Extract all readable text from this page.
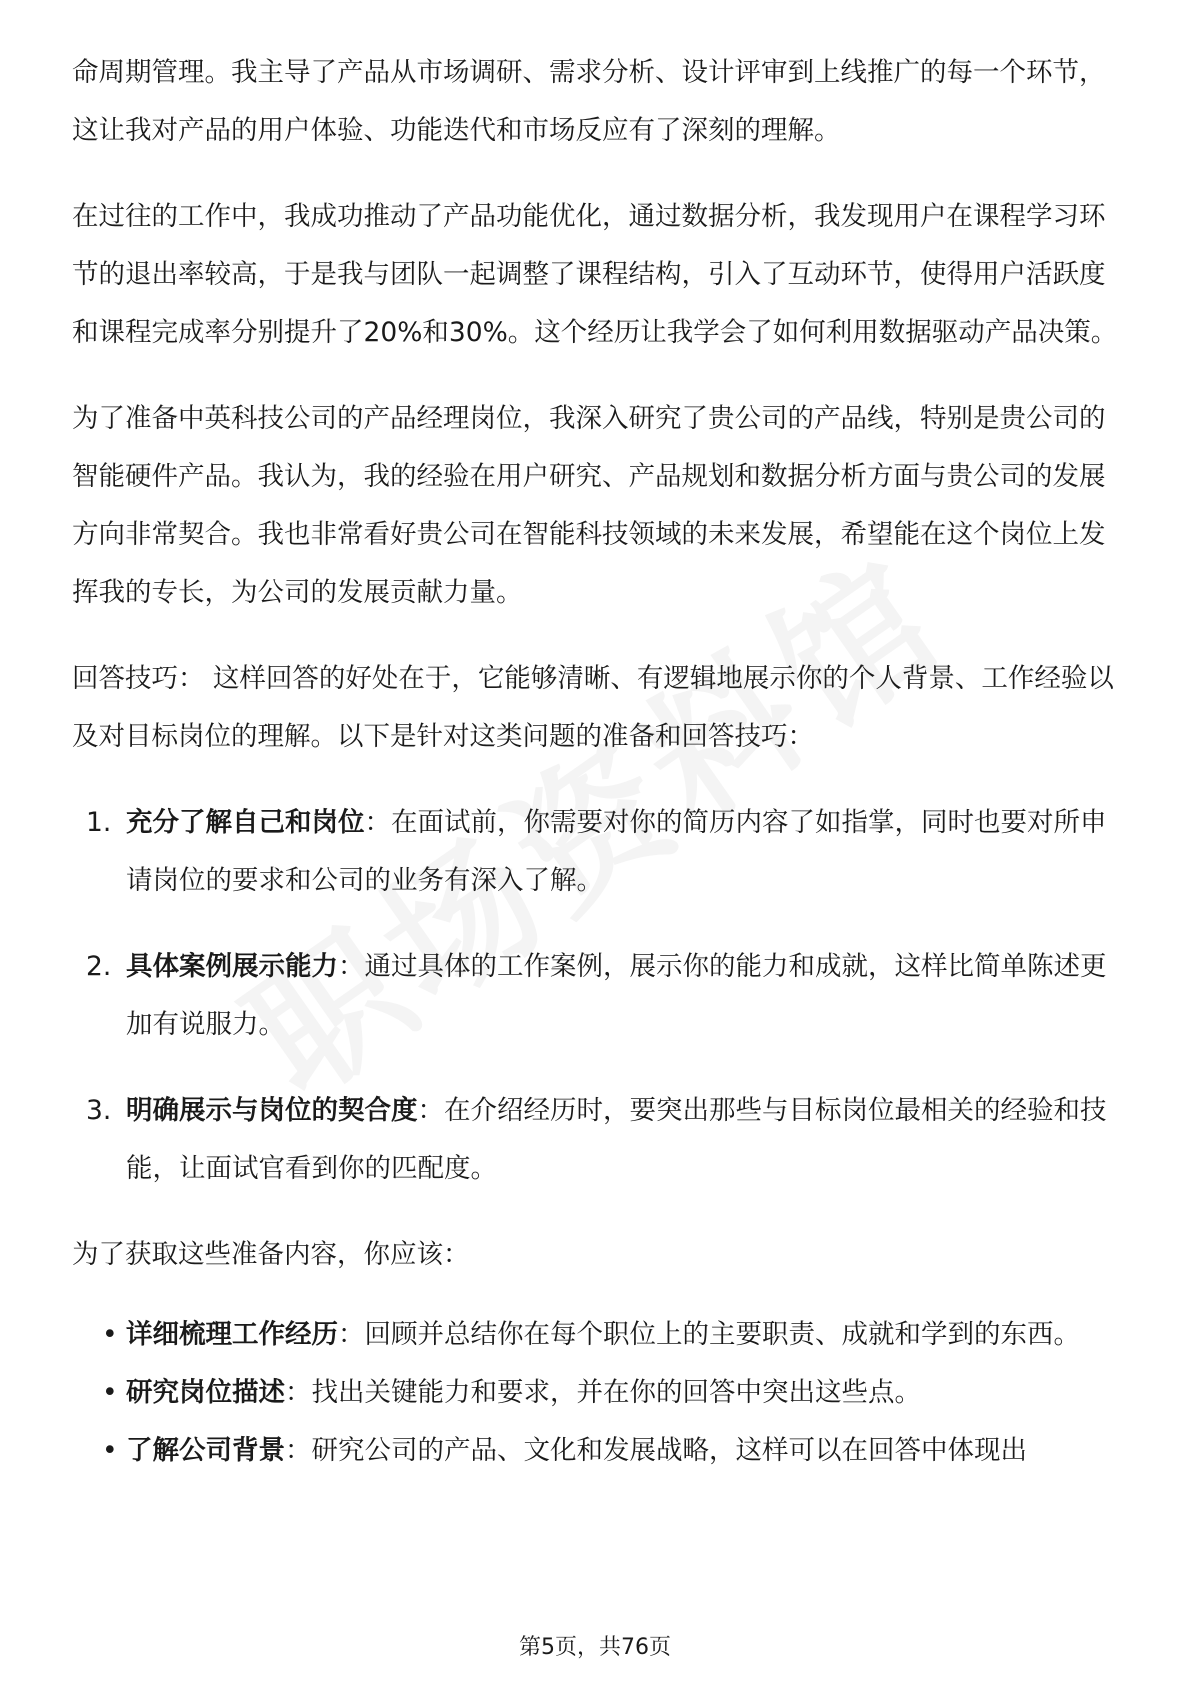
命周期管理。我主导了产品从市场调研、需求分析、设计评审到上线推广的每一个环节，这让我对产品的用户体验、功能迭代和市场反应有了深刻的理解。

在过往的工作中，我成功推动了产品功能优化，通过数据分析，我发现用户在课程学习环节的退出率较高，于是我与团队一起调整了课程结构，引入了互动环节，使得用户活跃度和课程完成率分别提升了20%和30%。这个经历让我学会了如何利用数据驱动产品决策。

为了准备中英科技公司的产品经理岗位，我深入研究了贵公司的产品线，特别是贵公司的智能硬件产品。我认为，我的经验在用户研究、产品规划和数据分析方面与贵公司的发展方向非常契合。我也非常看好贵公司在智能科技领域的未来发展，希望能在这个岗位上发挥我的专长，为公司的发展贡献力量。

回答技巧： 这样回答的好处在于，它能够清晰、有逻辑地展示你的个人背景、工作经验以及对目标岗位的理解。以下是针对这类问题的准备和回答技巧：

1. 充分了解自己和岗位：在面试前，你需要对你的简历内容了如指掌，同时也要对所申请岗位的要求和公司的业务有深入了解。
2. 具体案例展示能力：通过具体的工作案例，展示你的能力和成就，这样比简单陈述更加有说服力。
3. 明确展示与岗位的契合度：在介绍经历时，要突出那些与目标岗位最相关的经验和技能，让面试官看到你的匹配度。

为了获取这些准备内容，你应该：

• 详细梳理工作经历：回顾并总结你在每个职位上的主要职责、成就和学到的东西。
• 研究岗位描述：找出关键能力和要求，并在你的回答中突出这些点。
• 了解公司背景：研究公司的产品、文化和发展战略，这样可以在回答中体现出
第5页，共76页
